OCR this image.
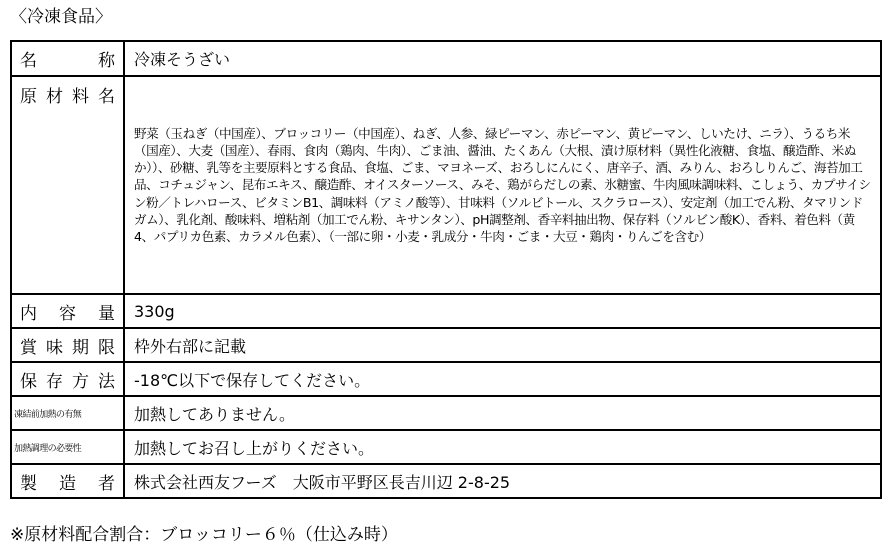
〈冷凍食品〉
名　　称	冷凍そうざい
原材料名	野菜（玉ねぎ（中国産）、ブロッコリー（中国産）、ねぎ、人参、緑ピーマン、赤ピーマン、黄ピーマン、しいたけ、ニラ）、うるち米（国産）、大麦（国産）、春雨、食肉（鶏肉、牛肉）、ごま油、醤油、たくあん（大根、漬け原材料（異性化液糖、食塩、醸造酢、米ぬか））、砂糖、乳等を主要原料とする食品、食塩、ごま、マヨネーズ、おろしにんにく、唐辛子、酒、みりん、おろしりんご、海苔加工品、コチュジャン、昆布エキス、醸造酢、オイスターソース、みそ、鶏がらだしの素、氷糖蜜、牛肉風味調味料、こしょう、カプサイシン粉／トレハロース、ビタミンB1、調味料（アミノ酸等）、甘味料（ソルビトール、スクラロース）、安定剤（加工でん粉、タマリンドガム）、乳化剤、酸味料、増粘剤（加工でん粉、キサンタン）、pH調整剤、香辛料抽出物、保存料（ソルビン酸K）、香料、着色料（黄4、パプリカ色素、カラメル色素）、（一部に卵・小麦・乳成分・牛肉・ごま・大豆・鶏肉・りんごを含む）
内　容　量	330g
賞味期限	枠外右部に記載
保存方法	-18℃以下で保存してください。
凍結前加熱の有無	加熱してありません。
加熱調理の必要性	加熱してお召し上がりください。
製　造　者	株式会社西友フーズ　大阪市平野区長吉川辺 2-8-25
※原材料配合割合：ブロッコリー６％（仕込み時）
